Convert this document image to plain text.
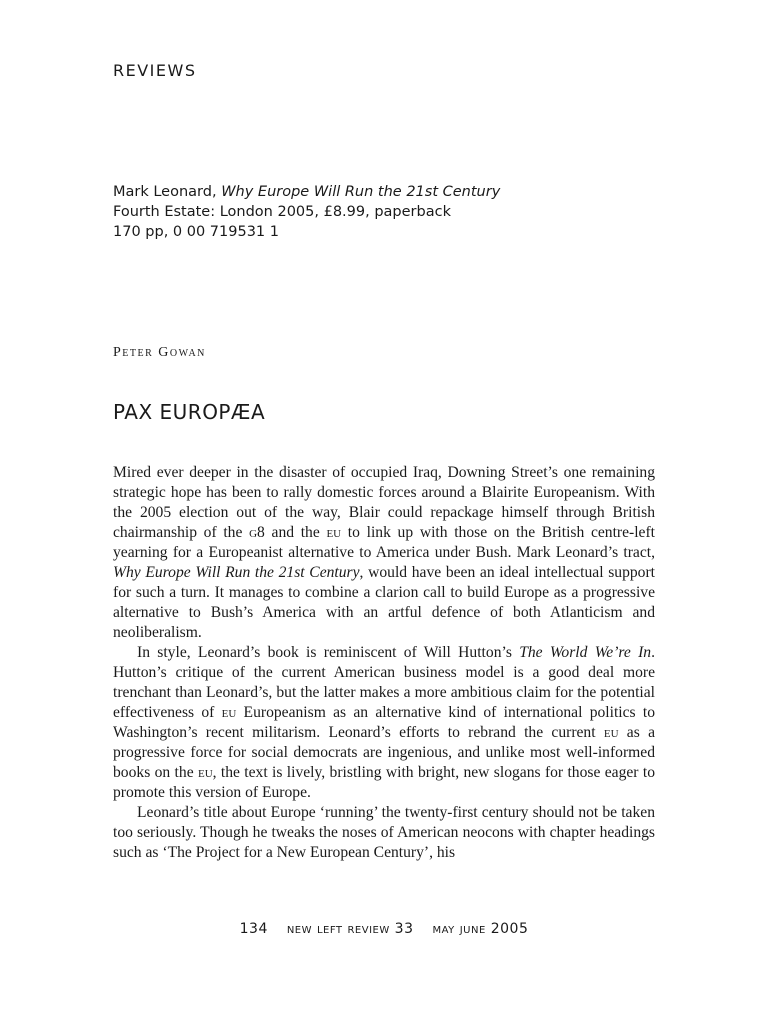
REVIEWS
Mark Leonard, Why Europe Will Run the 21st Century
Fourth Estate: London 2005, £8.99, paperback
170 pp, 0 00 719531 1
Peter Gowan
PAX EUROPÆA

Mired ever deeper in the disaster of occupied Iraq, Downing Street’s one remaining strategic hope has been to rally domestic forces around a Blairite Europeanism. With the 2005 election out of the way, Blair could repackage himself through British chairmanship of the g8 and the eu to link up with those on the British centre-left yearning for a Europeanist alternative to America under Bush. Mark Leonard’s tract, Why Europe Will Run the 21st Century, would have been an ideal intellectual support for such a turn. It manages to combine a clarion call to build Europe as a progressive alternative to Bush’s America with an artful defence of both Atlanticism and neoliberalism.

In style, Leonard’s book is reminiscent of Will Hutton’s The World We’re In. Hutton’s critique of the current American business model is a good deal more trenchant than Leonard’s, but the latter makes a more ambitious claim for the potential effectiveness of eu Europeanism as an alternative kind of international politics to Washington’s recent militarism. Leonard’s efforts to rebrand the current eu as a progressive force for social democrats are ingenious, and unlike most well-informed books on the eu, the text is lively, bristling with bright, new slogans for those eager to promote this version of Europe.

Leonard’s title about Europe ‘running’ the twenty-first century should not be taken too seriously. Though he tweaks the noses of American neocons with chapter headings such as ‘The Project for a New European Century’, his

134 new left review 33 may june 2005
